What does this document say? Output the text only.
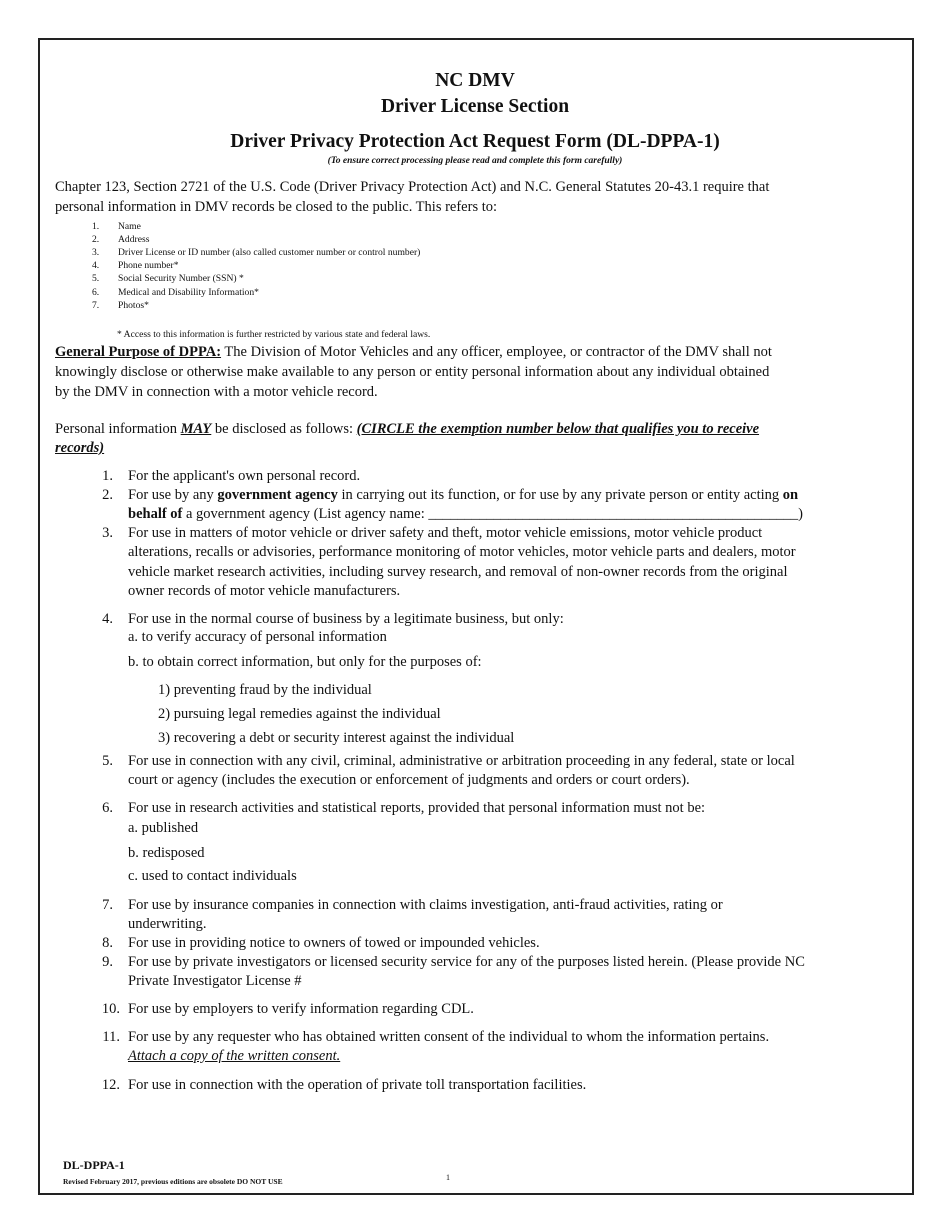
NC DMV
Driver License Section
Driver Privacy Protection Act Request Form (DL-DPPA-1)
(To ensure correct processing please read and complete this form carefully)
Chapter 123, Section 2721 of the U.S. Code (Driver Privacy Protection Act) and N.C. General Statutes 20-43.1 require that
personal information in DMV records be closed to the public. This refers to:
1. Name
2. Address
3. Driver License or ID number (also called customer number or control number)
4. Phone number*
5. Social Security Number (SSN) *
6. Medical and Disability Information*
7. Photos*
* Access to this information is further restricted by various state and federal laws.
General Purpose of DPPA: The Division of Motor Vehicles and any officer, employee, or contractor of the DMV shall not
knowingly disclose or otherwise make available to any person or entity personal information about any individual obtained
by the DMV in connection with a motor vehicle record.
Personal information MAY be disclosed as follows: (CIRCLE the exemption number below that qualifies you to receive
records)
1. For the applicant's own personal record.
2. For use by any government agency in carrying out its function, or for use by any private person or entity acting on
behalf of a government agency (List agency name: ___________________________________________________)
3. For use in matters of motor vehicle or driver safety and theft, motor vehicle emissions, motor vehicle product
alterations, recalls or advisories, performance monitoring of motor vehicles, motor vehicle parts and dealers, motor
vehicle market research activities, including survey research, and removal of non-owner records from the original
owner records of motor vehicle manufacturers.
4. For use in the normal course of business by a legitimate business, but only:
a. to verify accuracy of personal information
b. to obtain correct information, but only for the purposes of:
1) preventing fraud by the individual
2) pursuing legal remedies against the individual
3) recovering a debt or security interest against the individual
5. For use in connection with any civil, criminal, administrative or arbitration proceeding in any federal, state or local
court or agency (includes the execution or enforcement of judgments and orders or court orders).
6. For use in research activities and statistical reports, provided that personal information must not be:
a. published
b. redisposed
c. used to contact individuals
7. For use by insurance companies in connection with claims investigation, anti-fraud activities, rating or
underwriting.
8. For use in providing notice to owners of towed or impounded vehicles.
9. For use by private investigators or licensed security service for any of the purposes listed herein. (Please provide NC
Private Investigator License #
10. For use by employers to verify information regarding CDL.
11. For use by any requester who has obtained written consent of the individual to whom the information pertains.
Attach a copy of the written consent.
12. For use in connection with the operation of private toll transportation facilities.
DL-DPPA-1
Revised February 2017, previous editions are obsolete DO NOT USE	1
